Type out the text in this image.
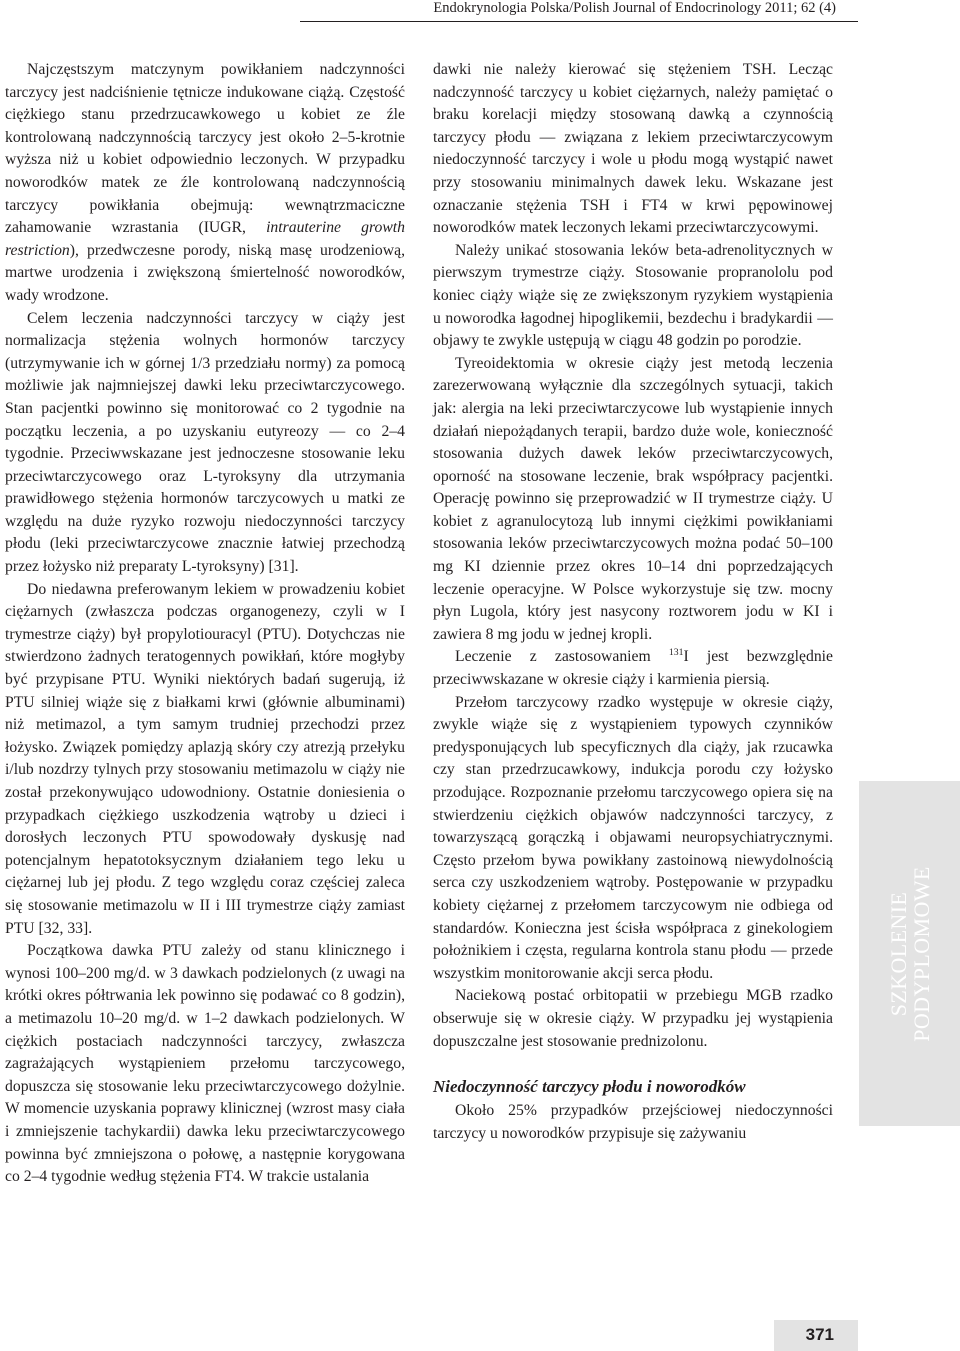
Endokrynologia Polska/Polish Journal of Endocrinology 2011; 62 (4)

Najczęstszym matczynym powikłaniem nadczynności tarczycy jest nadciśnienie tętnicze indukowane ciążą. Częstość ciężkiego stanu przedrzucawkowego u kobiet ze źle kontrolowaną nadczynnością tarczycy jest około 2–5-krotnie wyższa niż u kobiet odpowiednio leczonych. W przypadku noworodków matek ze źle kontrolowaną nadczynnością tarczycy powikłania obejmują: wewnątrzmaciczne zahamowanie wzrastania (IUGR, intrauterine growth restriction), przedwczesne porody, niską masę urodzeniową, martwe urodzenia i zwiększoną śmiertelność noworodków, wady wrodzone.

Celem leczenia nadczynności tarczycy w ciąży jest normalizacja stężenia wolnych hormonów tarczycy (utrzymywanie ich w górnej 1/3 przedziału normy) za pomocą możliwie jak najmniejszej dawki leku przeciwtarczycowego. Stan pacjentki powinno się monitorować co 2 tygodnie na początku leczenia, a po uzyskaniu eutyreozy — co 2–4 tygodnie. Przeciwwskazane jest jednoczesne stosowanie leku przeciwtarczycowego oraz L-tyroksyny dla utrzymania prawidłowego stężenia hormonów tarczycowych u matki ze względu na duże ryzyko rozwoju niedoczynności tarczycy płodu (leki przeciwtarczycowe znacznie łatwiej przechodzą przez łożysko niż preparaty L-tyroksyny) [31].

Do niedawna preferowanym lekiem w prowadzeniu kobiet ciężarnych (zwłaszcza podczas organogenezy, czyli w I trymestrze ciąży) był propylotiouracyl (PTU). Dotychczas nie stwierdzono żadnych teratogennych powikłań, które mogłyby być przypisane PTU. Wyniki niektórych badań sugerują, iż PTU silniej wiąże się z białkami krwi (głównie albuminami) niż metimazol, a tym samym trudniej przechodzi przez łożysko. Związek pomiędzy aplazją skóry czy atrezją przełyku i/lub nozdrzy tylnych przy stosowaniu metimazolu w ciąży nie został przekonywująco udowodniony. Ostatnie doniesienia o przypadkach ciężkiego uszkodzenia wątroby u dzieci i dorosłych leczonych PTU spowodowały dyskusję nad potencjalnym hepatotoksycznym działaniem tego leku u ciężarnej lub jej płodu. Z tego względu coraz częściej zaleca się stosowanie metimazolu w II i III trymestrze ciąży zamiast PTU [32, 33].

Początkowa dawka PTU zależy od stanu klinicznego i wynosi 100–200 mg/d. w 3 dawkach podzielonych (z uwagi na krótki okres półtrwania lek powinno się podawać co 8 godzin), a metimazolu 10–20 mg/d. w 1–2 dawkach podzielonych. W ciężkich postaciach nadczynności tarczycy, zwłaszcza zagrażających wystąpieniem przełomu tarczycowego, dopuszcza się stosowanie leku przeciwtarczycowego dożylnie. W momencie uzyskania poprawy klinicznej (wzrost masy ciała i zmniejszenie tachykardii) dawka leku przeciwtarczycowego powinna być zmniejszona o połowę, a następnie korygowana co 2–4 tygodnie według stężenia FT4. W trakcie ustalania

dawki nie należy kierować się stężeniem TSH. Lecząc nadczynność tarczycy u kobiet ciężarnych, należy pamiętać o braku korelacji między stosowaną dawką a czynnością tarczycy płodu — związana z lekiem przeciwtarczycowym niedoczynność tarczycy i wole u płodu mogą wystąpić nawet przy stosowaniu minimalnych dawek leku. Wskazane jest oznaczanie stężenia TSH i FT4 w krwi pępowinowej noworodków matek leczonych lekami przeciwtarczycowymi.

Należy unikać stosowania leków beta-adrenolitycznych w pierwszym trymestrze ciąży. Stosowanie propranololu pod koniec ciąży wiąże się ze zwiększonym ryzykiem wystąpienia u noworodka łagodnej hipoglikemii, bezdechu i bradykardii — objawy te zwykle ustępują w ciągu 48 godzin po porodzie.

Tyreoidektomia w okresie ciąży jest metodą leczenia zarezerwowaną wyłącznie dla szczególnych sytuacji, takich jak: alergia na leki przeciwtarczycowe lub wystąpienie innych działań niepożądanych terapii, bardzo duże wole, konieczność stosowania dużych dawek leków przeciwtarczycowych, oporność na stosowane leczenie, brak współpracy pacjentki. Operację powinno się przeprowadzić w II trymestrze ciąży. U kobiet z agranulocytozą lub innymi ciężkimi powikłaniami stosowania leków przeciwtarczycowych można podać 50–100 mg KI dziennie przez okres 10–14 dni poprzedzających leczenie operacyjne. W Polsce wykorzystuje się tzw. mocny płyn Lugola, który jest nasycony roztworem jodu w KI i zawiera 8 mg jodu w jednej kropli.

Leczenie z zastosowaniem $^{131}$I jest bezwzględnie przeciwwskazane w okresie ciąży i karmienia piersią.

Przełom tarczycowy rzadko występuje w okresie ciąży, zwykle wiąże się z wystąpieniem typowych czynników predysponujących lub specyficznych dla ciąży, jak rzucawka czy stan przedrzucawkowy, indukcja porodu czy łożysko przodujące. Rozpoznanie przełomu tarczycowego opiera się na stwierdzeniu ciężkich objawów nadczynności tarczycy, z towarzyszącą gorączką i objawami neuropsychiatrycznymi. Często przełom bywa powikłany zastoinową niewydolnością serca czy uszkodzeniem wątroby. Postępowanie w przypadku kobiety ciężarnej z przełomem tarczycowym nie odbiega od standardów. Konieczna jest ścisła współpraca z ginekologiem położnikiem i częsta, regularna kontrola stanu płodu — przede wszystkim monitorowanie akcji serca płodu.

Naciekową postać orbitopatii w przebiegu MGB rzadko obserwuje się w okresie ciąży. W przypadku jej wystąpienia dopuszczalne jest stosowanie prednizolonu.

Niedoczynność tarczycy płodu i noworodków

Około 25% przypadków przejściowej niedoczynności tarczycy u noworodków przypisuje się zażywaniu

SZKOLENIE
PODYPLOMOWE
371
